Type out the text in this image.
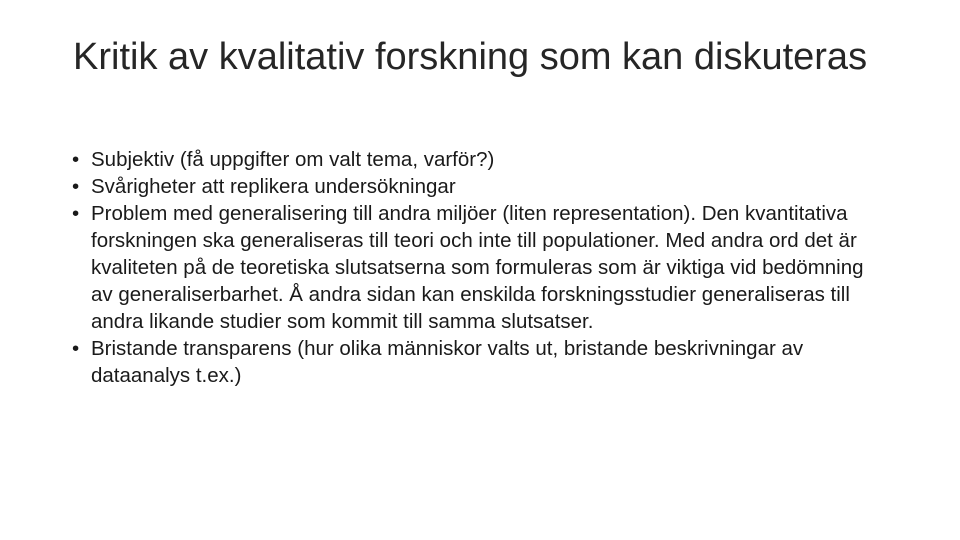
Kritik av kvalitativ forskning som kan diskuteras
• Subjektiv (få uppgifter om valt tema, varför?)
• Svårigheter att replikera undersökningar
• Problem med generalisering till andra miljöer (liten representation). Den kvantitativa forskningen ska generaliseras till teori och inte till populationer. Med andra ord det är kvaliteten på de teoretiska slutsatserna som formuleras som är viktiga vid bedömning av generaliserbarhet. Å andra sidan kan enskilda forskningsstudier generaliseras till andra likande studier som kommit till samma slutsatser.
• Bristande transparens (hur olika människor valts ut, bristande beskrivningar av dataanalys t.ex.)
